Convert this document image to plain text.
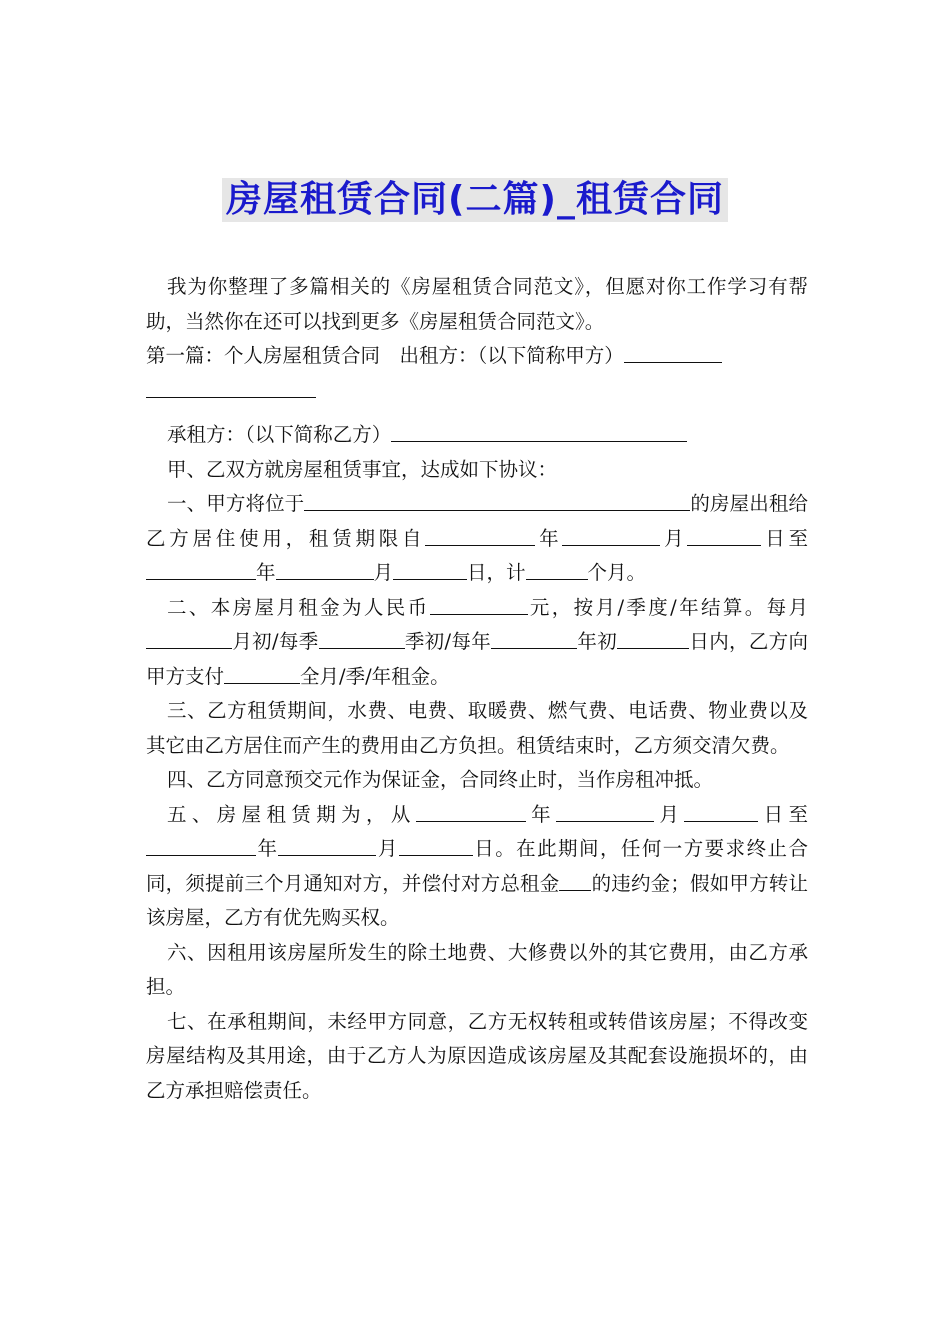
房屋租赁合同(二篇)_租赁合同

我为你整理了多篇相关的《房屋租赁合同范文》，但愿对你工作学习有帮助，当然你在还可以找到更多《房屋租赁合同范文》。

第一篇：个人房屋租赁合同　出租方：（以下简称甲方）

承租方：（以下简称乙方）

甲、乙双方就房屋租赁事宜，达成如下协议：

一、甲方将位于	的房屋出租给乙方居住使用，租赁期限自	年	月	日至年	月	日，计	个月。

二、本房屋月租金为人民币	元，按月/季度/年结算。每月月初/每季	季初/每年	年初	日内，乙方向甲方支付	全月/季/年租金。

三、乙方租赁期间，水费、电费、取暖费、燃气费、电话费、物业费以及其它由乙方居住而产生的费用由乙方负担。租赁结束时，乙方须交清欠费。

四、乙方同意预交元作为保证金，合同终止时，当作房租冲抵。

五、房屋租赁期为，从	年	月	日至年	月	日。在此期间，任何一方要求终止合同，须提前三个月通知对方，并偿付对方总租金 的违约金；假如甲方转让该房屋，乙方有优先购买权。

六、因租用该房屋所发生的除土地费、大修费以外的其它费用，由乙方承担。

七、在承租期间，未经甲方同意，乙方无权转租或转借该房屋；不得改变房屋结构及其用途，由于乙方人为原因造成该房屋及其配套设施损坏的，由乙方承担赔偿责任。
